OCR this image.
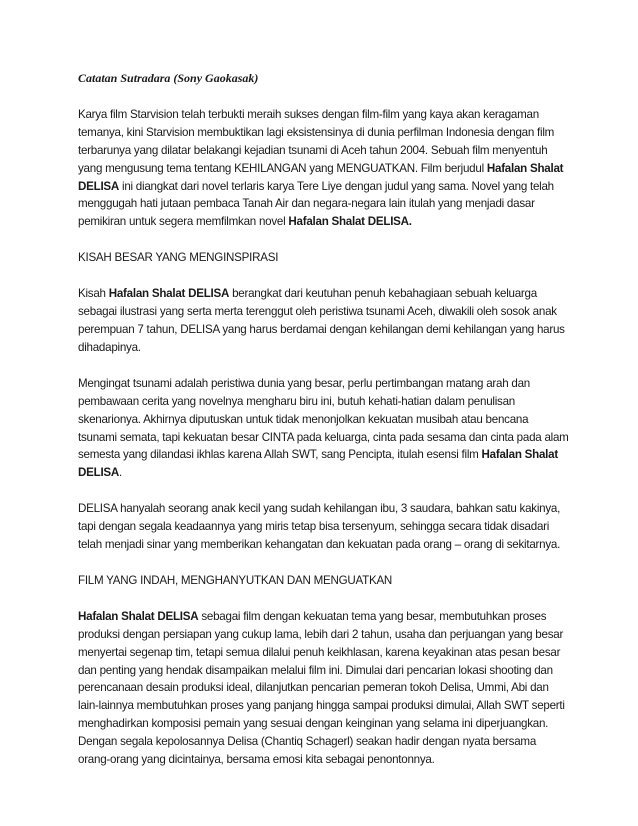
Catatan Sutradara (Sony Gaokasak)

Karya film Starvision telah terbukti meraih sukses dengan film-film yang kaya akan keragaman temanya, kini Starvision membuktikan lagi eksistensinya di dunia perfilman Indonesia dengan film terbarunya yang dilatar belakangi kejadian tsunami di Aceh tahun 2004. Sebuah film menyentuh yang mengusung tema tentang KEHILANGAN yang MENGUATKAN. Film berjudul Hafalan Shalat DELISA ini diangkat dari novel terlaris karya Tere Liye dengan judul yang sama. Novel yang telah menggugah hati jutaan pembaca Tanah Air dan negara-negara lain itulah yang menjadi dasar pemikiran untuk segera memfilmkan novel Hafalan Shalat DELISA.

KISAH BESAR YANG MENGINSPIRASI

Kisah Hafalan Shalat DELISA berangkat dari keutuhan penuh kebahagiaan sebuah keluarga sebagai ilustrasi yang serta merta terenggut oleh peristiwa tsunami Aceh, diwakili oleh sosok anak perempuan 7 tahun, DELISA yang harus berdamai dengan kehilangan demi kehilangan yang harus dihadapinya.

Mengingat tsunami adalah peristiwa dunia yang besar, perlu pertimbangan matang arah dan pembawaan cerita yang novelnya mengharu biru ini, butuh kehati-hatian dalam penulisan skenarionya. Akhirnya diputuskan untuk tidak menonjolkan kekuatan musibah atau bencana tsunami semata, tapi kekuatan besar CINTA pada keluarga, cinta pada sesama dan cinta pada alam semesta yang dilandasi ikhlas karena Allah SWT, sang Pencipta, itulah esensi film Hafalan Shalat DELISA.

DELISA hanyalah seorang anak kecil yang sudah kehilangan ibu, 3 saudara, bahkan satu kakinya, tapi dengan segala keadaannya yang miris tetap bisa tersenyum, sehingga secara tidak disadari telah menjadi sinar yang memberikan kehangatan dan kekuatan pada orang – orang di sekitarnya.

FILM YANG INDAH, MENGHANYUTKAN DAN MENGUATKAN

Hafalan Shalat DELISA sebagai film dengan kekuatan tema yang besar, membutuhkan proses produksi dengan persiapan yang cukup lama, lebih dari 2 tahun, usaha dan perjuangan yang besar menyertai segenap tim, tetapi semua dilalui penuh keikhlasan, karena keyakinan atas pesan besar dan penting yang hendak disampaikan melalui film ini. Dimulai dari pencarian lokasi shooting dan perencanaan desain produksi ideal, dilanjutkan pencarian pemeran tokoh Delisa, Ummi, Abi dan lain-lainnya membutuhkan proses yang panjang hingga sampai produksi dimulai, Allah SWT seperti menghadirkan komposisi pemain yang sesuai dengan keinginan yang selama ini diperjuangkan. Dengan segala kepolosannya Delisa (Chantiq Schagerl) seakan hadir dengan nyata bersama orang-orang yang dicintainya, bersama emosi kita sebagai penontonnya.
